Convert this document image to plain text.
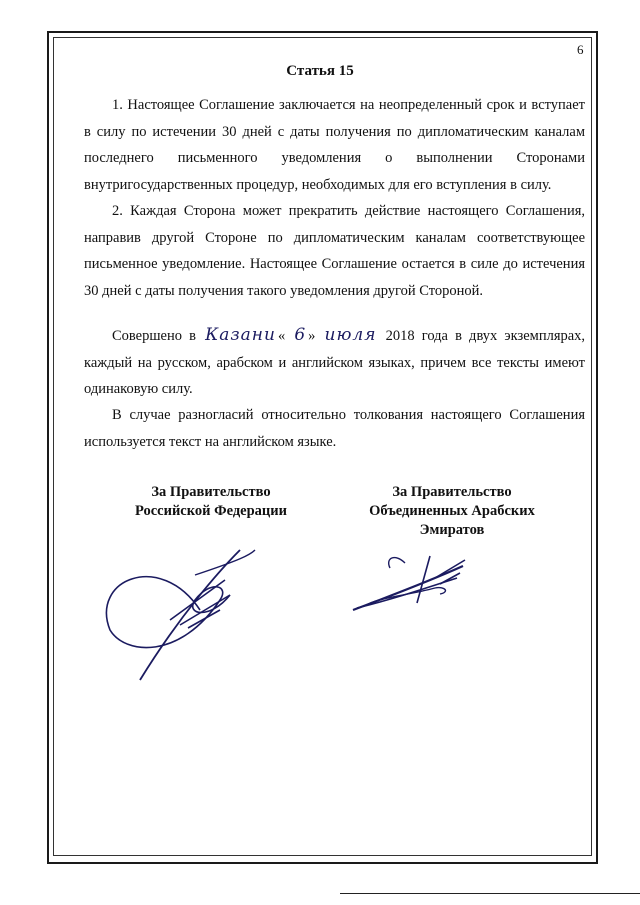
6
Статья 15

1. Настоящее Соглашение заключается на неопределенный срок и вступает в силу по истечении 30 дней с даты получения по дипломатическим каналам последнего письменного уведомления о выполнении Сторонами внутригосударственных процедур, необходимых для его вступления в силу.

2. Каждая Сторона может прекратить действие настоящего Соглашения, направив другой Стороне по дипломатическим каналам соответствующее письменное уведомление. Настоящее Соглашение остается в силе до истечения 30 дней с даты получения такого уведомления другой Стороной.

Совершено в Казани « 6 » июля 2018 года в двух экземплярах, каждый на русском, арабском и английском языках, причем все тексты имеют одинаковую силу.

В случае разногласий относительно толкования настоящего Соглашения используется текст на английском языке.

За Правительство
Российской Федерации
За Правительство
Объединенных Арабских
Эмиратов
